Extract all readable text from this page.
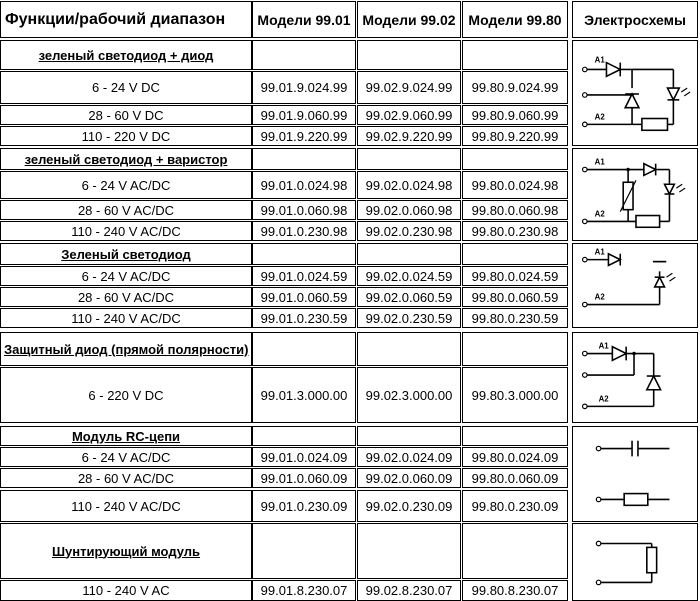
Функции/рабочий диапазон	Модели 99.01 Модели 99.02 Модели 99.80	Электросхемы
зеленый светодиод + диод
6 - 24 V DC	99.01.9.024.99	99.02.9.024.99	99.80.9.024.99
28 - 60 V DC	99.01.9.060.99	99.02.9.060.99	99.80.9.060.99
110 - 220 V DC	99.01.9.220.99	99.02.9.220.99	99.80.9.220.99
зеленый светодиод + варистор
6 - 24 V AC/DC	99.01.0.024.98	99.02.0.024.98	99.80.0.024.98
28 - 60 V AC/DC	99.01.0.060.98	99.02.0.060.98	99.80.0.060.98
110 - 240 V AC/DC	99.01.0.230.98	99.02.0.230.98	99.80.0.230.98
Зеленый светодиод
6 - 24 V AC/DC	99.01.0.024.59	99.02.0.024.59	99.80.0.024.59
28 - 60 V AC/DC	99.01.0.060.59	99.02.0.060.59	99.80.0.060.59
110 - 240 V AC/DC	99.01.0.230.59	99.02.0.230.59	99.80.0.230.59
Защитный диод (прямой полярности)
6 - 220 V DC	99.01.3.000.00	99.02.3.000.00	99.80.3.000.00
Модуль RC-цепи
6 - 24 V AC/DC	99.01.0.024.09	99.02.0.024.09	99.80.0.024.09
28 - 60 V AC/DC	99.01.0.060.09	99.02.0.060.09	99.80.0.060.09
110 - 240 V AC/DC	99.01.0.230.09	99.02.0.230.09	99.80.0.230.09
Шунтирующий модуль
110 - 240 V AC	99.01.8.230.07	99.02.8.230.07	99.80.8.230.07
A1
A2
A1
A2
A1
A2
A1
A2
